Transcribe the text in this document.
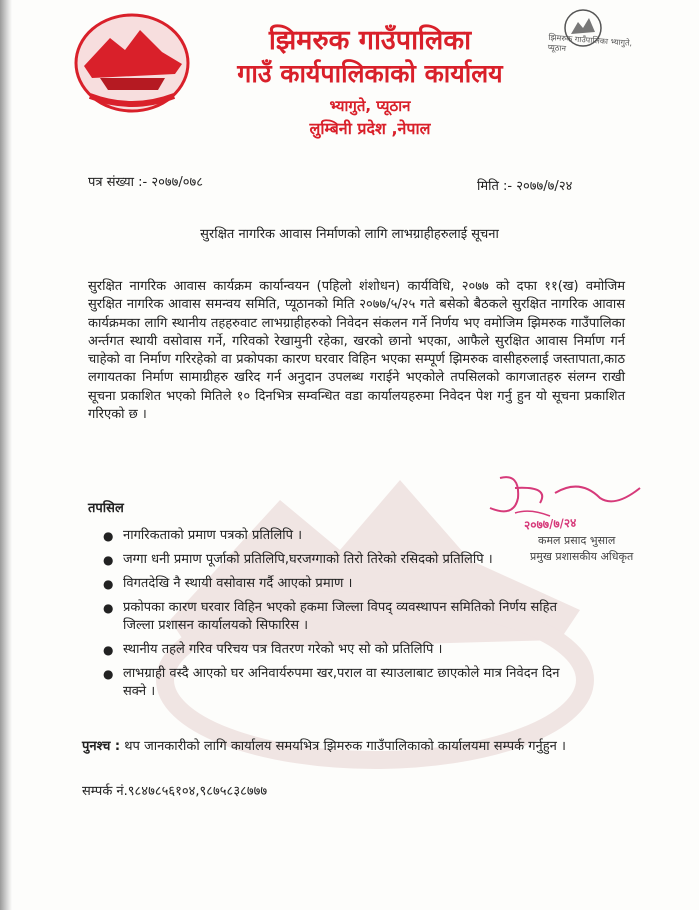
झिमरुक गाउँपालिका
गाउँ कार्यपालिकाको कार्यालय
भ्यागुते, प्यूठान
लुम्बिनी प्रदेश ,नेपाल
झिमरुक गाउँपालिका भ्यागुते, प्यूठान
पत्र संख्या :- २०७७/०७८	मिति :- २०७७/७/२४
सुरक्षित नागरिक आवास निर्माणको लागि लाभग्राहीहरुलाई सूचना
सुरक्षित नागरिक आवास कार्यक्रम कार्यान्वयन (पहिलो शंशोधन) कार्यविधि, २०७७ को दफा ११(ख) वमोजिम सुरक्षित नागरिक आवास समन्वय समिति, प्यूठानको मिति २०७७/५/२५ गते बसेको बैठकले सुरक्षित नागरिक आवास कार्यक्रमका लागि स्थानीय तहहरुवाट लाभग्राहीहरुको निवेदन संकलन गर्ने निर्णय भए वमोजिम झिमरुक गाउँपालिका अर्न्तगत स्थायी वसोवास गर्ने, गरिवको रेखामुनी रहेका, खरको छानो भएका, आफैले सुरक्षित आवास निर्माण गर्न चाहेको वा निर्माण गरिरहेको वा प्रकोपका कारण घरवार विहिन भएका सम्पूर्ण झिमरुक वासीहरुलाई जस्तापाता,काठ लगायतका निर्माण सामाग्रीहरु खरिद गर्न अनुदान उपलब्ध गराईने भएकोले तपसिलको कागजातहरु संलग्न राखी सूचना प्रकाशित भएको मितिले १० दिनभित्र सम्वन्धित वडा कार्यालयहरुमा निवेदन पेश गर्नु हुन यो सूचना प्रकाशित गरिएको छ ।
२०७७/७/२४
कमल प्रसाद भुसाल
प्रमुख प्रशासकीय अधिकृत
तपसिल
● नागरिकताको प्रमाण पत्रको प्रतिलिपि ।
● जग्गा धनी प्रमाण पूर्जाको प्रतिलिपि,घरजग्गाको तिरो तिरेको रसिदको प्रतिलिपि ।
● विगतदेखि नै स्थायी वसोवास गर्दै आएको प्रमाण ।
● प्रकोपका कारण घरवार विहिन भएको हकमा जिल्ला विपद् व्यवस्थापन समितिको निर्णय सहित जिल्ला प्रशासन कार्यालयको सिफारिस ।
● स्थानीय तहले गरिव परिचय पत्र वितरण गरेको भए सो को प्रतिलिपि ।
● लाभग्राही वस्दै आएको घर अनिवार्यरुपमा खर,पराल वा स्याउलाबाट छाएकोले मात्र निवेदन दिन सक्ने ।
पुनश्च : थप जानकारीको लागि कार्यालय समयभित्र झिमरुक गाउँपालिकाको कार्यालयमा सम्पर्क गर्नुहुन ।
सम्पर्क नं.९८४७८५६१०४,९८७५८३८७७७
